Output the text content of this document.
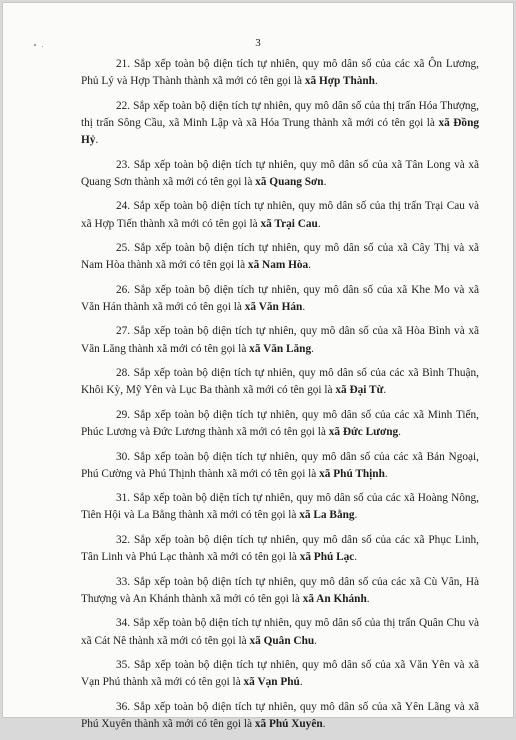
3

21. Sắp xếp toàn bộ diện tích tự nhiên, quy mô dân số của các xã Ôn Lương, Phủ Lý và Hợp Thành thành xã mới có tên gọi là xã Hợp Thành.

22. Sắp xếp toàn bộ diện tích tự nhiên, quy mô dân số của thị trấn Hóa Thượng, thị trấn Sông Cầu, xã Minh Lập và xã Hóa Trung thành xã mới có tên gọi là xã Đồng Hỷ.

23. Sắp xếp toàn bộ diện tích tự nhiên, quy mô dân số của xã Tân Long và xã Quang Sơn thành xã mới có tên gọi là xã Quang Sơn.

24. Sắp xếp toàn bộ diện tích tự nhiên, quy mô dân số của thị trấn Trại Cau và xã Hợp Tiến thành xã mới có tên gọi là xã Trại Cau.

25. Sắp xếp toàn bộ diện tích tự nhiên, quy mô dân số của xã Cây Thị và xã Nam Hòa thành xã mới có tên gọi là xã Nam Hòa.

26. Sắp xếp toàn bộ diện tích tự nhiên, quy mô dân số của xã Khe Mo và xã Văn Hán thành xã mới có tên gọi là xã Văn Hán.

27. Sắp xếp toàn bộ diện tích tự nhiên, quy mô dân số của xã Hòa Bình và xã Văn Lăng thành xã mới có tên gọi là xã Văn Lăng.

28. Sắp xếp toàn bộ diện tích tự nhiên, quy mô dân số của các xã Bình Thuận, Khôi Kỳ, Mỹ Yên và Lục Ba thành xã mới có tên gọi là xã Đại Từ.

29. Sắp xếp toàn bộ diện tích tự nhiên, quy mô dân số của các xã Minh Tiến, Phúc Lương và Đức Lương thành xã mới có tên gọi là xã Đức Lương.

30. Sắp xếp toàn bộ diện tích tự nhiên, quy mô dân số của các xã Bản Ngoại, Phú Cường và Phú Thịnh thành xã mới có tên gọi là xã Phú Thịnh.

31. Sắp xếp toàn bộ diện tích tự nhiên, quy mô dân số của các xã Hoàng Nông, Tiên Hội và La Bằng thành xã mới có tên gọi là xã La Bằng.

32. Sắp xếp toàn bộ diện tích tự nhiên, quy mô dân số của các xã Phục Linh, Tân Linh và Phú Lạc thành xã mới có tên gọi là xã Phú Lạc.

33. Sắp xếp toàn bộ diện tích tự nhiên, quy mô dân số của các xã Cù Vân, Hà Thượng và An Khánh thành xã mới có tên gọi là xã An Khánh.

34. Sắp xếp toàn bộ diện tích tự nhiên, quy mô dân số của thị trấn Quân Chu và xã Cát Nê thành xã mới có tên gọi là xã Quân Chu.

35. Sắp xếp toàn bộ diện tích tự nhiên, quy mô dân số của xã Văn Yên và xã Vạn Phú thành xã mới có tên gọi là xã Vạn Phú.

36. Sắp xếp toàn bộ diện tích tự nhiên, quy mô dân số của xã Yên Lãng và xã Phú Xuyên thành xã mới có tên gọi là xã Phú Xuyên.
